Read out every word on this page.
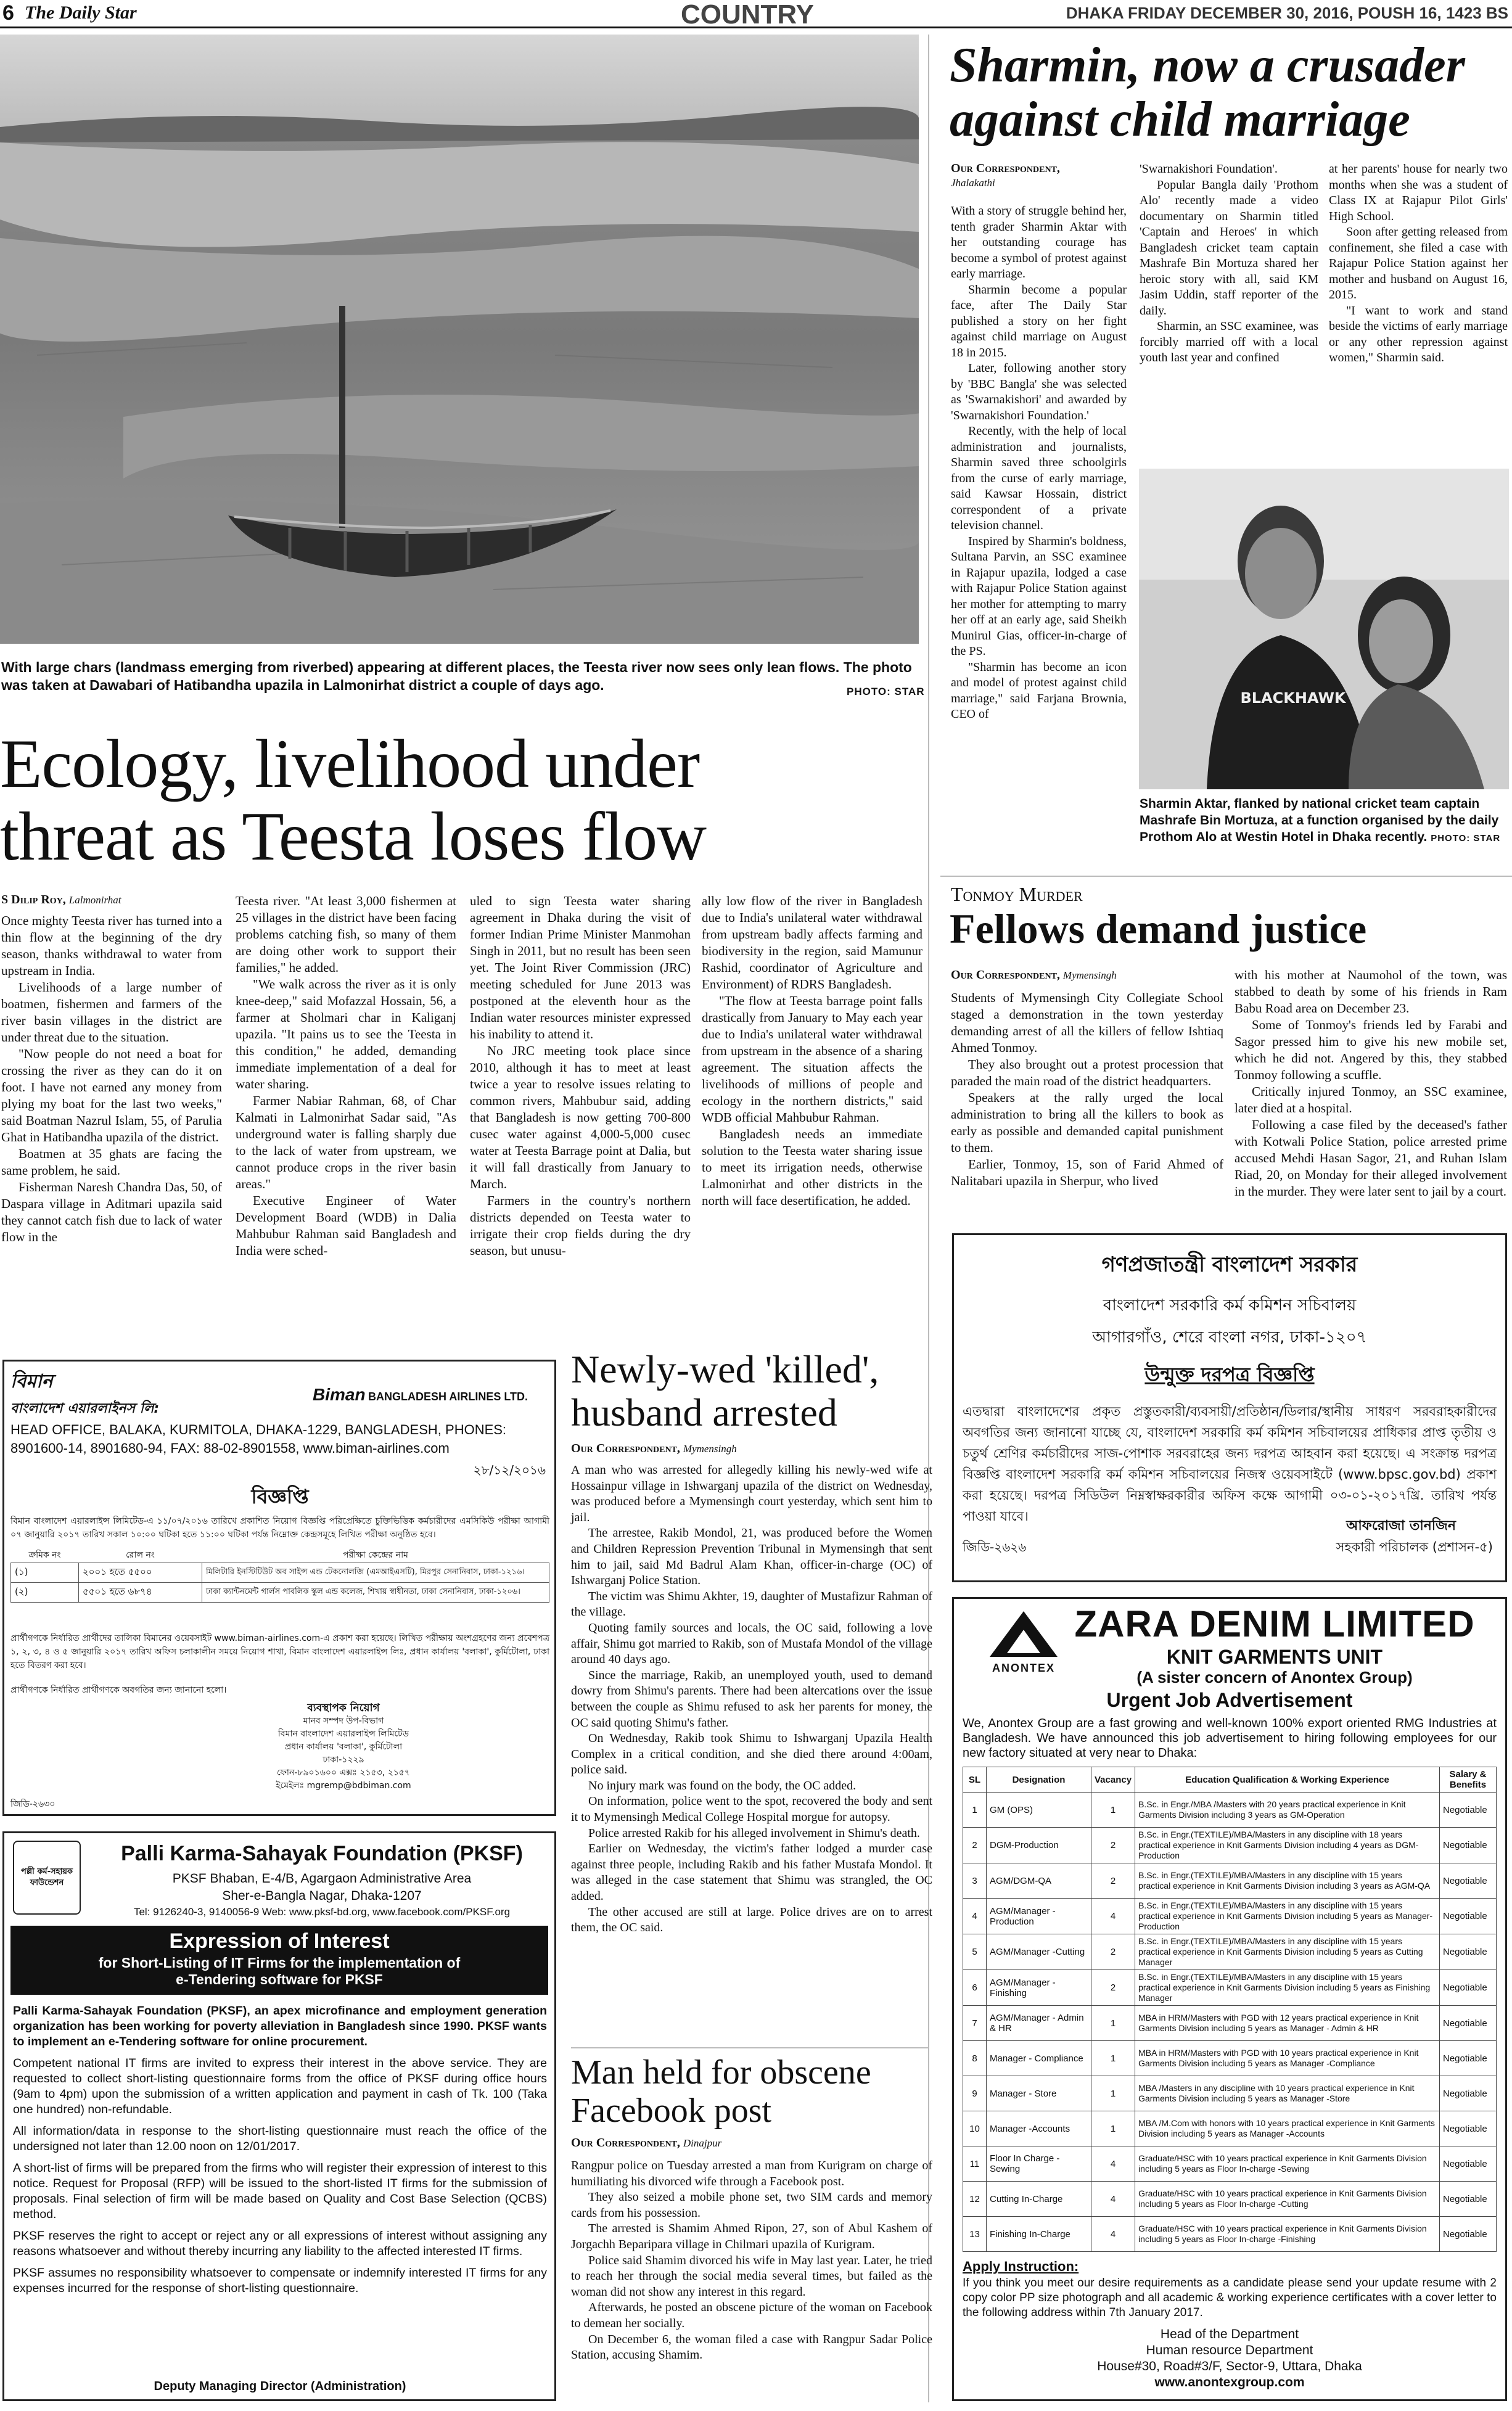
6 The Daily Star	COUNTRY	DHAKA FRIDAY DECEMBER 30, 2016, POUSH 16, 1423 BS
With large chars (landmass emerging from riverbed) appearing at different places, the Teesta river now sees only lean flows. The photo was taken at Dawabari of Hatibandha upazila in Lalmonirhat district a couple of days ago.	PHOTO: STAR
Ecology, livelihood under
threat as Teesta loses flow
S Dilip Roy, Lalmonirhat

Once mighty Teesta river has turned into a thin flow at the beginning of the dry season, thanks withdrawal to water from upstream in India.

Livelihoods of a large number of boatmen, fishermen and farmers of the river basin villages in the district are under threat due to the situation.

"Now people do not need a boat for crossing the river as they can do it on foot. I have not earned any money from plying my boat for the last two weeks," said Boatman Nazrul Islam, 55, of Parulia Ghat in Hatibandha upazila of the district.

Boatmen at 35 ghats are facing the same problem, he said.

Fisherman Naresh Chandra Das, 50, of Daspara village in Aditmari upazila said they cannot catch fish due to lack of water flow in the

Teesta river. "At least 3,000 fishermen at 25 villages in the district have been facing problems catching fish, so many of them are doing other work to support their families," he added.

"We walk across the river as it is only knee-deep," said Mofazzal Hossain, 56, a farmer at Sholmari char in Kaliganj upazila. "It pains us to see the Teesta in this condition," he added, demanding immediate implementation of a deal for water sharing.

Farmer Nabiar Rahman, 68, of Char Kalmati in Lalmonirhat Sadar said, "As underground water is falling sharply due to the lack of water from upstream, we cannot produce crops in the river basin areas."

Executive Engineer of Water Development Board (WDB) in Dalia Mahbubur Rahman said Bangladesh and India were sched-

uled to sign Teesta water sharing agreement in Dhaka during the visit of former Indian Prime Minister Manmohan Singh in 2011, but no result has been seen yet. The Joint River Commission (JRC) meeting scheduled for June 2013 was postponed at the eleventh hour as the Indian water resources minister expressed his inability to attend it.

No JRC meeting took place since 2010, although it has to meet at least twice a year to resolve issues relating to common rivers, Mahbubur said, adding that Bangladesh is now getting 700-800 cusec water against 4,000-5,000 cusec water at Teesta Barrage point at Dalia, but it will fall drastically from January to March.

Farmers in the country's northern districts depended on Teesta water to irrigate their crop fields during the dry season, but unusu-

ally low flow of the river in Bangladesh due to India's unilateral water withdrawal from upstream badly affects farming and biodiversity in the region, said Mamunur Rashid, coordinator of Agriculture and Environment) of RDRS Bangladesh.

"The flow at Teesta barrage point falls drastically from January to May each year due to India's unilateral water withdrawal from upstream in the absence of a sharing agreement. The situation affects the livelihoods of millions of people and ecology in the northern districts," said WDB official Mahbubur Rahman.

Bangladesh needs an immediate solution to the Teesta water sharing issue to meet its irrigation needs, otherwise Lalmonirhat and other districts in the north will face desertification, he added.

Sharmin, now a crusader
against child marriage
Our Correspondent,
Jhalakathi

With a story of struggle behind her, tenth grader Sharmin Aktar with her outstanding courage has become a symbol of protest against early marriage.

Sharmin become a popular face, after The Daily Star published a story on her fight against child marriage on August 18 in 2015.

Later, following another story by 'BBC Bangla' she was selected as 'Swarnakishori' and awarded by 'Swarnakishori Foundation.'

Recently, with the help of local administration and journalists, Sharmin saved three schoolgirls from the curse of early marriage, said Kawsar Hossain, district correspondent of a private television channel.

Inspired by Sharmin's boldness, Sultana Parvin, an SSC examinee in Rajapur upazila, lodged a case with Rajapur Police Station against her mother for attempting to marry her off at an early age, said Sheikh Munirul Gias, officer-in-charge of the PS.

"Sharmin has become an icon and model of protest against child marriage," said Farjana Brownia, CEO of

'Swarnakishori Foundation'.

Popular Bangla daily 'Prothom Alo' recently made a video documentary on Sharmin titled 'Captain and Heroes' in which Bangladesh cricket team captain Mashrafe Bin Mortuza shared her heroic story with all, said KM Jasim Uddin, staff reporter of the daily.

Sharmin, an SSC examinee, was forcibly married off with a local youth last year and confined

at her parents' house for nearly two months when she was a student of Class IX at Rajapur Pilot Girls' High School.

Soon after getting released from confinement, she filed a case with Rajapur Police Station against her mother and husband on August 16, 2015.

"I want to work and stand beside the victims of early marriage or any other repression against women," Sharmin said.

BLACKHAWK
Sharmin Aktar, flanked by national cricket team captain Mashrafe Bin Mortuza, at a function organised by the daily Prothom Alo at Westin Hotel in Dhaka recently. PHOTO: STAR
Tonmoy Murder
Fellows demand justice
Our Correspondent, Mymensingh

Students of Mymensingh City Collegiate School staged a demonstration in the town yesterday demanding arrest of all the killers of fellow Ishtiaq Ahmed Tonmoy.

They also brought out a protest procession that paraded the main road of the district headquarters.

Speakers at the rally urged the local administration to bring all the killers to book as early as possible and demanded capital punishment to them.

Earlier, Tonmoy, 15, son of Farid Ahmed of Nalitabari upazila in Sherpur, who lived

with his mother at Naumohol of the town, was stabbed to death by some of his friends in Ram Babu Road area on December 23.

Some of Tonmoy's friends led by Farabi and Sagor pressed him to give his new mobile set, which he did not. Angered by this, they stabbed Tonmoy following a scuffle.

Critically injured Tonmoy, an SSC examinee, later died at a hospital.

Following a case filed by the deceased's father with Kotwali Police Station, police arrested prime accused Mehdi Hasan Sagor, 21, and Ruhan Islam Riad, 20, on Monday for their alleged involvement in the murder. They were later sent to jail by a court.

গণপ্রজাতন্ত্রী বাংলাদেশ সরকার
বাংলাদেশ সরকারি কর্ম কমিশন সচিবালয়
আগারগাঁও, শেরে বাংলা নগর, ঢাকা-১২০৭
উন্মুক্ত দরপত্র বিজ্ঞপ্তি
এতদ্বারা বাংলাদেশের প্রকৃত প্রস্তুতকারী/ব্যবসায়ী/প্রতিষ্ঠান/ডিলার/স্থানীয় সাধরণ সরবরাহকারীদের অবগতির জন্য জানানো যাচ্ছে যে, বাংলাদেশ সরকারি কর্ম কমিশন সচিবালয়ের প্রাধিকার প্রাপ্ত তৃতীয় ও চতুর্থ শ্রেণির কর্মচারীদের সাজ-পোশাক সরবরাহের জন্য দরপত্র আহবান করা হয়েছে। এ সংক্রান্ত দরপত্র বিজ্ঞপ্তি বাংলাদেশ সরকারি কর্ম কমিশন সচিবালয়ের নিজস্ব ওয়েবসাইটে (www.bpsc.gov.bd) প্রকাশ করা হয়েছে। দরপত্র সিডিউল নিম্নস্বাক্ষরকারীর অফিস কক্ষে আগামী ০৩-০১-২০১৭খ্রি. তারিখ পর্যন্ত পাওয়া যাবে।
আফরোজা তানজিন
সহকারী পরিচালক (প্রশাসন-৫)
জিডি-২৬২৬
ANONTEX
ZARA DENIM LIMITED
KNIT GARMENTS UNIT
(A sister concern of Anontex Group)
Urgent Job Advertisement
We, Anontex Group are a fast growing and well-known 100% export oriented RMG Industries at Bangladesh. We have announced this job advertisement to hiring following employees for our new factory situated at very near to Dhaka:
SL	Designation	Vacancy	Education Qualification & Working Experience	Salary & Benefits
1	GM (OPS)	1	B.Sc. in Engr./MBA /Masters with 20 years practical experience in Knit Garments Division including 3 years as GM-Operation	Negotiable
2	DGM-Production	2	B.Sc. in Engr.(TEXTILE)/MBA/Masters in any discipline with 18 years practical experience in Knit Garments Division including 4 years as DGM-Production	Negotiable
3	AGM/DGM-QA	2	B.Sc. in Engr.(TEXTILE)/MBA/Masters in any discipline with 15 years practical experience in Knit Garments Division including 3 years as AGM-QA	Negotiable
4	AGM/Manager - Production	4	B.Sc. in Engr.(TEXTILE)/MBA/Masters in any discipline with 15 years practical experience in Knit Garments Division including 5 years as Manager-Production	Negotiable
5	AGM/Manager -Cutting	2	B.Sc. in Engr.(TEXTILE)/MBA/Masters in any discipline with 15 years practical experience in Knit Garments Division including 5 years as Cutting Manager	Negotiable
6	AGM/Manager -Finishing	2	B.Sc. in Engr.(TEXTILE)/MBA/Masters in any discipline with 15 years practical experience in Knit Garments Division including 5 years as Finishing Manager	Negotiable
7	AGM/Manager - Admin & HR	1	MBA in HRM/Masters with PGD with 12 years practical experience in Knit Garments Division including 5 years as Manager - Admin & HR	Negotiable
8	Manager - Compliance	1	MBA in HRM/Masters with PGD with 10 years practical experience in Knit Garments Division including 5 years as Manager -Compliance	Negotiable
9	Manager - Store	1	MBA /Masters in any discipline with 10 years practical experience in Knit Garments Division including 5 years as Manager -Store	Negotiable
10	Manager -Accounts	1	MBA /M.Com with honors with 10 years practical experience in Knit Garments Division including 5 years as Manager -Accounts	Negotiable
11	Floor In Charge - Sewing	4	Graduate/HSC with 10 years practical experience in Knit Garments Division including 5 years as Floor In-charge -Sewing	Negotiable
12	Cutting In-Charge	4	Graduate/HSC with 10 years practical experience in Knit Garments Division including 5 years as Floor In-charge -Cutting	Negotiable
13	Finishing In-Charge	4	Graduate/HSC with 10 years practical experience in Knit Garments Division including 5 years as Floor In-charge -Finishing	Negotiable
Apply Instruction:
If you think you meet our desire requirements as a candidate please send your update resume with 2 copy color PP size photograph and all academic & working experience certificates with a cover letter to the following address within 7th January 2017.
Head of the Department
Human resource Department
House#30, Road#3/F, Sector-9, Uttara, Dhaka
www.anontexgroup.com
বিমান
বাংলাদেশ এয়ারলাইনস লি:
Biman BANGLADESH AIRLINES LTD.
HEAD OFFICE, BALAKA, KURMITOLA, DHAKA-1229, BANGLADESH, PHONES: 8901600-14, 8901680-94, FAX: 88-02-8901558, www.biman-airlines.com
২৮/১২/২০১৬
বিজ্ঞপ্তি
বিমান বাংলাদেশ এয়ারলাইন্স লিমিটেড-এ ১১/০৭/২০১৬ তারিখে প্রকাশিত নিয়োগ বিজ্ঞপ্তি পরিপ্রেক্ষিতে চুক্তিভিত্তিক কর্মচারীদের এমসিকিউ পরীক্ষা আগামী ০৭ জানুয়ারি ২০১৭ তারিখ সকাল ১০:০০ ঘটিকা হতে ১১:০০ ঘটিকা পর্যন্ত নিম্নোক্ত কেন্দ্রসমূহে লিখিত পরীক্ষা অনুষ্ঠিত হবে।
ক্রমিক নং	রোল নং	পরীক্ষা কেন্দ্রের নাম
(১)	২০০১ হতে ৫৫০০	মিলিটারি ইনস্টিটিউট অব সাইন্স এন্ড টেকনোলজি (এমআইএসটি), মিরপুর সেনানিবাস, ঢাকা-১২১৬।
(২)	৫৫০১ হতে ৬৮৭৪	ঢাকা ক্যান্টনমেন্ট গার্লস পাবলিক স্কুল এন্ড কলেজ, শিখায় স্বাধীনতা, ঢাকা সেনানিবাস, ঢাকা-১২০৬।
প্রার্থীগণকে নির্ধারিত প্রার্থীদের তালিকা বিমানের ওয়েবসাইট www.biman-airlines.com-এ প্রকাশ করা হয়েছে। লিখিত পরীক্ষায় অংশগ্রহণের জন্য প্রবেশপত্র ১, ২, ৩, ৪ ও ৫ জানুয়ারি ২০১৭ তারিখ অফিস চলাকালীন সময়ে নিয়োগ শাখা, বিমান বাংলাদেশ এয়ারলাইন্স লিঃ, প্রধান কার্যালয় 'বলাকা', কুর্মিটোলা, ঢাকা হতে বিতরণ করা হবে।
প্রার্থীগণকে নির্ধারিত প্রার্থীগণকে অবগতির জন্য জানানো হলো।
ব্যবস্থাপক নিয়োগ
মানব সম্পদ উপ-বিভাগ
বিমান বাংলাদেশ এয়ারলাইন্স লিমিটেড
প্রধান কার্যালয় 'বলাকা', কুর্মিটোলা
ঢাকা-১২২৯
ফোন-৮৯০১৬০০ এক্সঃ ২১৫৩, ২১৫৭
ইমেইলঃ mgremp@bdbiman.com
জিডি-২৬৩০
পল্লী কর্ম-সহায়ক ফাউন্ডেশন
Palli Karma-Sahayak Foundation (PKSF)
PKSF Bhaban, E-4/B, Agargaon Administrative Area
Sher-e-Bangla Nagar, Dhaka-1207
Tel: 9126240-3, 9140056-9 Web: www.pksf-bd.org, www.facebook.com/PKSF.org
Expression of Interest
for Short-Listing of IT Firms for the implementation of
e-Tendering software for PKSF

Palli Karma-Sahayak Foundation (PKSF), an apex microfinance and employment generation organization has been working for poverty alleviation in Bangladesh since 1990. PKSF wants to implement an e-Tendering software for online procurement.

Competent national IT firms are invited to express their interest in the above service. They are requested to collect short-listing questionnaire forms from the office of PKSF during office hours (9am to 4pm) upon the submission of a written application and payment in cash of Tk. 100 (Taka one hundred) non-refundable.

All information/data in response to the short-listing questionnaire must reach the office of the undersigned not later than 12.00 noon on 12/01/2017.

A short-list of firms will be prepared from the firms who will register their expression of interest to this notice. Request for Proposal (RFP) will be issued to the short-listed IT firms for the submission of proposals. Final selection of firm will be made based on Quality and Cost Base Selection (QCBS) method.

PKSF reserves the right to accept or reject any or all expressions of interest without assigning any reasons whatsoever and without thereby incurring any liability to the affected interested IT firms.

PKSF assumes no responsibility whatsoever to compensate or indemnify interested IT firms for any expenses incurred for the response of short-listing questionnaire.

Deputy Managing Director (Administration)
Newly-wed 'killed',
husband arrested
Our Correspondent, Mymensingh

A man who was arrested for allegedly killing his newly-wed wife at Hossainpur village in Ishwarganj upazila of the district on Wednesday, was produced before a Mymensingh court yesterday, which sent him to jail.

The arrestee, Rakib Mondol, 21, was produced before the Women and Children Repression Prevention Tribunal in Mymensingh that sent him to jail, said Md Badrul Alam Khan, officer-in-charge (OC) of Ishwarganj Police Station.

The victim was Shimu Akhter, 19, daughter of Mustafizur Rahman of the village.

Quoting family sources and locals, the OC said, following a love affair, Shimu got married to Rakib, son of Mustafa Mondol of the village around 40 days ago.

Since the marriage, Rakib, an unemployed youth, used to demand dowry from Shimu's parents. There had been altercations over the issue between the couple as Shimu refused to ask her parents for money, the OC said quoting Shimu's father.

On Wednesday, Rakib took Shimu to Ishwarganj Upazila Health Complex in a critical condition, and she died there around 4:00am, police said.

No injury mark was found on the body, the OC added.

On information, police went to the spot, recovered the body and sent it to Mymensingh Medical College Hospital morgue for autopsy.

Police arrested Rakib for his alleged involvement in Shimu's death.

Earlier on Wednesday, the victim's father lodged a murder case against three people, including Rakib and his father Mustafa Mondol. It was alleged in the case statement that Shimu was strangled, the OC added.

The other accused are still at large. Police drives are on to arrest them, the OC said.

Man held for obscene
Facebook post
Our Correspondent, Dinajpur

Rangpur police on Tuesday arrested a man from Kurigram on charge of humiliating his divorced wife through a Facebook post.

They also seized a mobile phone set, two SIM cards and memory cards from his possession.

The arrested is Shamim Ahmed Ripon, 27, son of Abul Kashem of Jorgachh Beparipara village in Chilmari upazila of Kurigram.

Police said Shamim divorced his wife in May last year. Later, he tried to reach her through the social media several times, but failed as the woman did not show any interest in this regard.

Afterwards, he posted an obscene picture of the woman on Facebook to demean her socially.

On December 6, the woman filed a case with Rangpur Sadar Police Station, accusing Shamim.
